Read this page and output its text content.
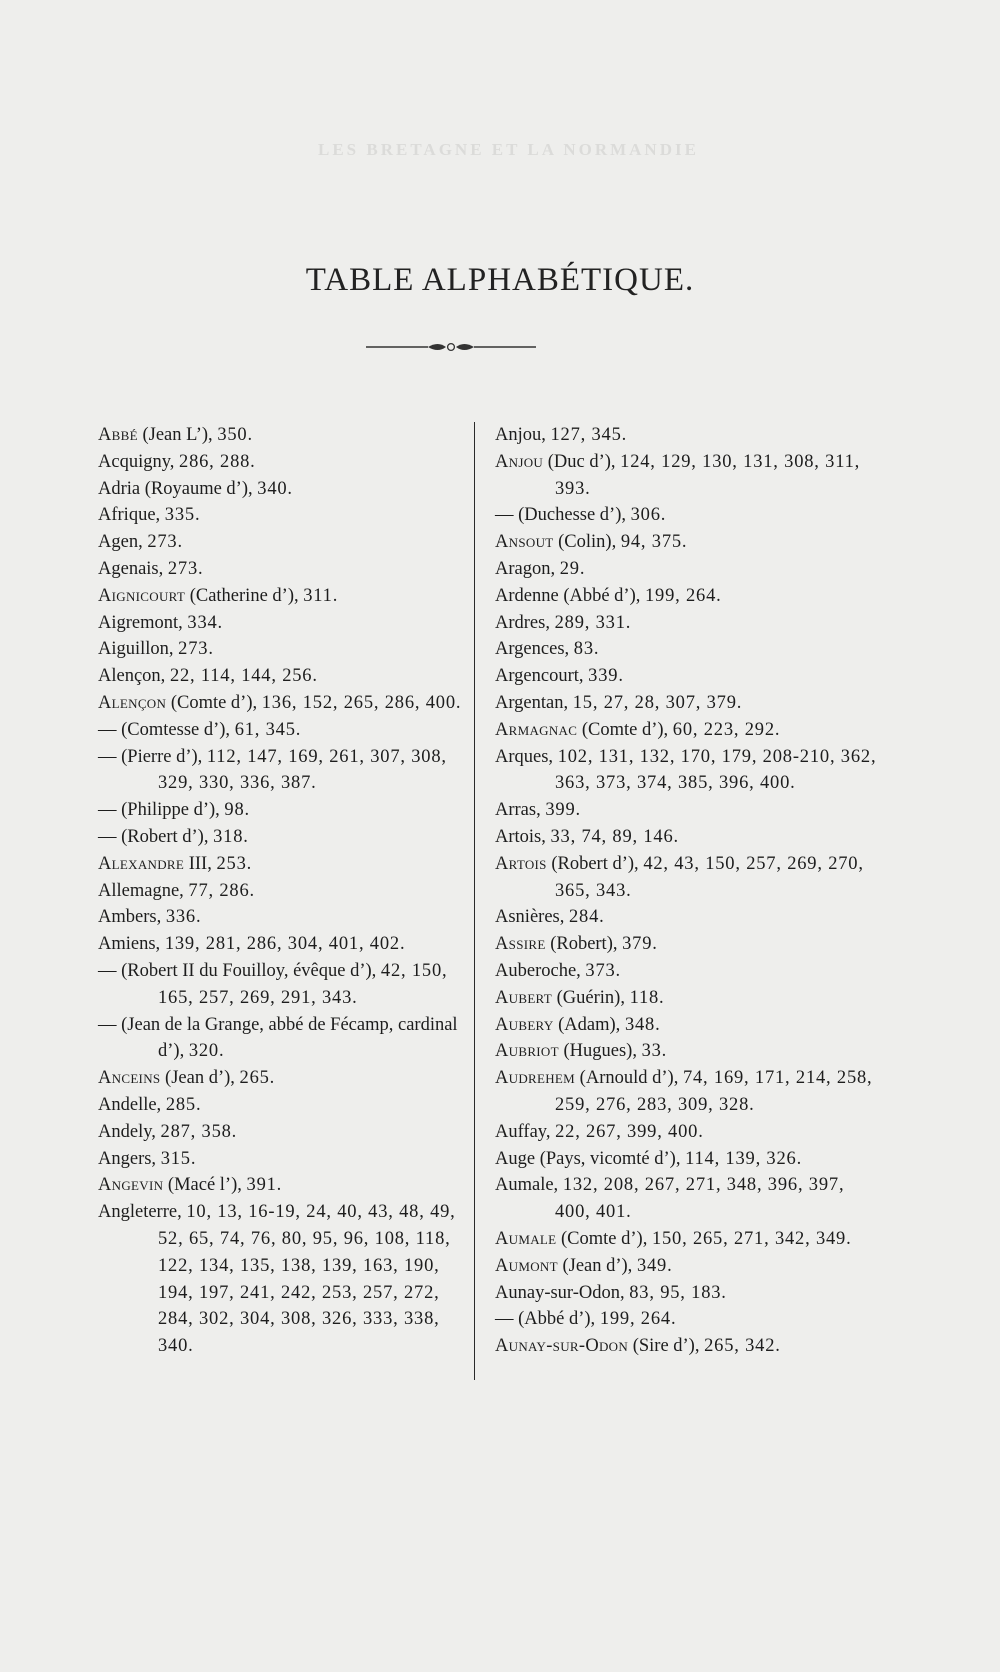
LES BRETAGNE ET LA NORMANDIE
TABLE ALPHABÉTIQUE.
Abbé (Jean L’), 350.
Acquigny, 286, 288.
Adria (Royaume d’), 340.
Afrique, 335.
Agen, 273.
Agenais, 273.
Aignicourt (Catherine d’), 311.
Aigremont, 334.
Aiguillon, 273.
Alençon, 22, 114, 144, 256.
Alençon (Comte d’), 136, 152, 265, 286, 400.
— (Comtesse d’), 61, 345.
— (Pierre d’), 112, 147, 169, 261, 307, 308, 329, 330, 336, 387.
— (Philippe d’), 98.
— (Robert d’), 318.
Alexandre III, 253.
Allemagne, 77, 286.
Ambers, 336.
Amiens, 139, 281, 286, 304, 401, 402.
— (Robert II du Fouilloy, évêque d’), 42, 150, 165, 257, 269, 291, 343.
— (Jean de la Grange, abbé de Fécamp, cardinal d’), 320.
Anceins (Jean d’), 265.
Andelle, 285.
Andely, 287, 358.
Angers, 315.
Angevin (Macé l’), 391.
Angleterre, 10, 13, 16-19, 24, 40, 43, 48, 49, 52, 65, 74, 76, 80, 95, 96, 108, 118, 122, 134, 135, 138, 139, 163, 190, 194, 197, 241, 242, 253, 257, 272, 284, 302, 304, 308, 326, 333, 338, 340.
Anjou, 127, 345.
Anjou (Duc d’), 124, 129, 130, 131, 308, 311, 393.
— (Duchesse d’), 306.
Ansout (Colin), 94, 375.
Aragon, 29.
Ardenne (Abbé d’), 199, 264.
Ardres, 289, 331.
Argences, 83.
Argencourt, 339.
Argentan, 15, 27, 28, 307, 379.
Armagnac (Comte d’), 60, 223, 292.
Arques, 102, 131, 132, 170, 179, 208-210, 362, 363, 373, 374, 385, 396, 400.
Arras, 399.
Artois, 33, 74, 89, 146.
Artois (Robert d’), 42, 43, 150, 257, 269, 270, 365, 343.
Asnières, 284.
Assire (Robert), 379.
Auberoche, 373.
Aubert (Guérin), 118.
Aubery (Adam), 348.
Aubriot (Hugues), 33.
Audrehem (Arnould d’), 74, 169, 171, 214, 258, 259, 276, 283, 309, 328.
Auffay, 22, 267, 399, 400.
Auge (Pays, vicomté d’), 114, 139, 326.
Aumale, 132, 208, 267, 271, 348, 396, 397, 400, 401.
Aumale (Comte d’), 150, 265, 271, 342, 349.
Aumont (Jean d’), 349.
Aunay-sur-Odon, 83, 95, 183.
— (Abbé d’), 199, 264.
Aunay-sur-Odon (Sire d’), 265, 342.
